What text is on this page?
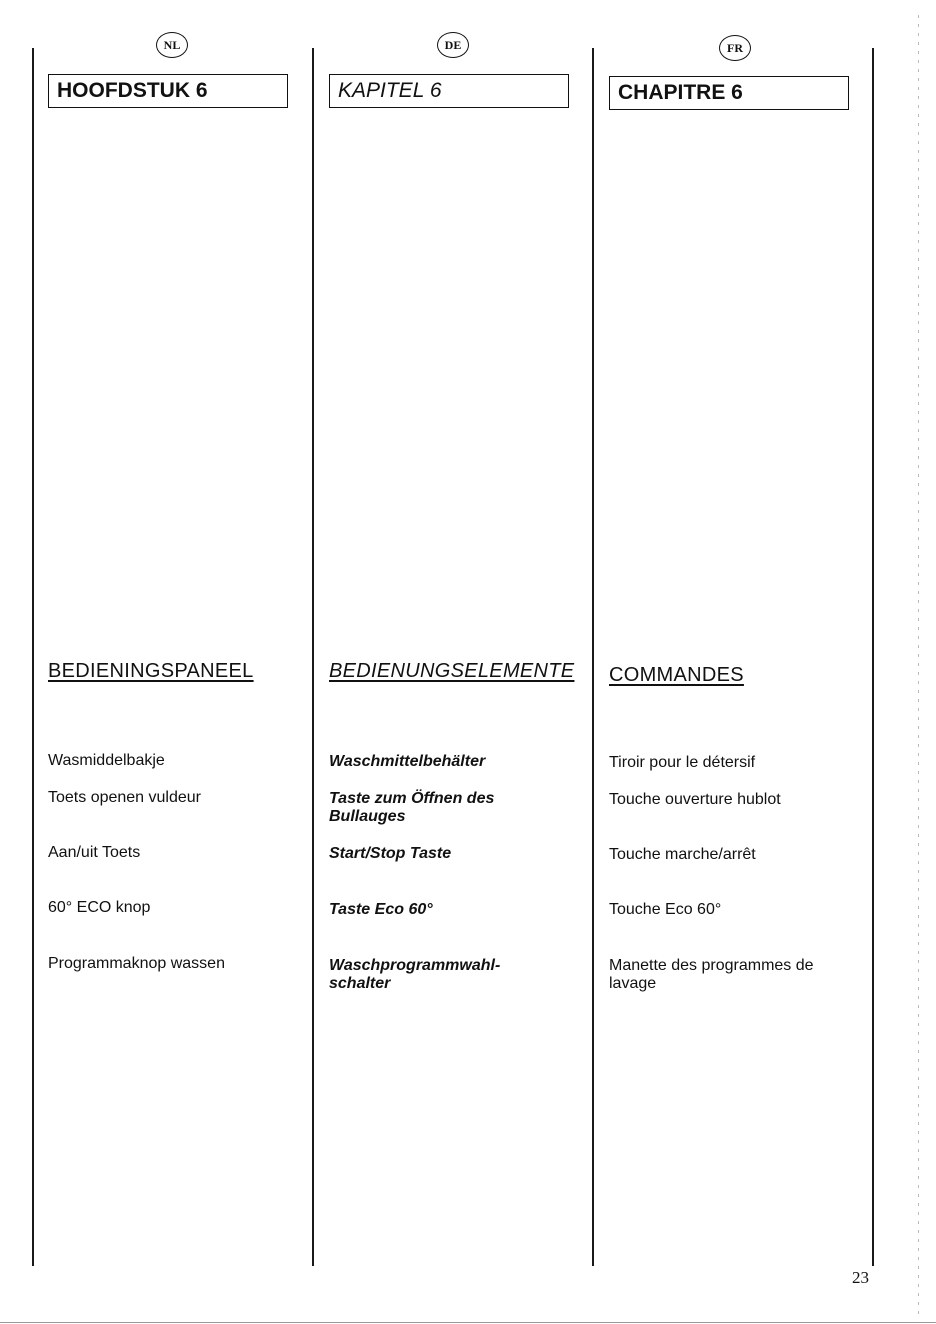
NL
HOOFDSTUK 6
BEDIENINGSPANEEL
Wasmiddelbakje
Toets openen vuldeur
Aan/uit Toets
60° ECO knop
Programmaknop wassen
DE
KAPITEL 6
BEDIENUNGSELEMENTE
Waschmittelbehälter
Taste zum Öffnen des Bullauges
Start/Stop Taste
Taste Eco 60°
Waschprogrammwahl- schalter
FR
CHAPITRE 6
COMMANDES
Tiroir pour le détersif
Touche ouverture hublot
Touche marche/arrêt
Touche Eco 60°
Manette des programmes de lavage
23
